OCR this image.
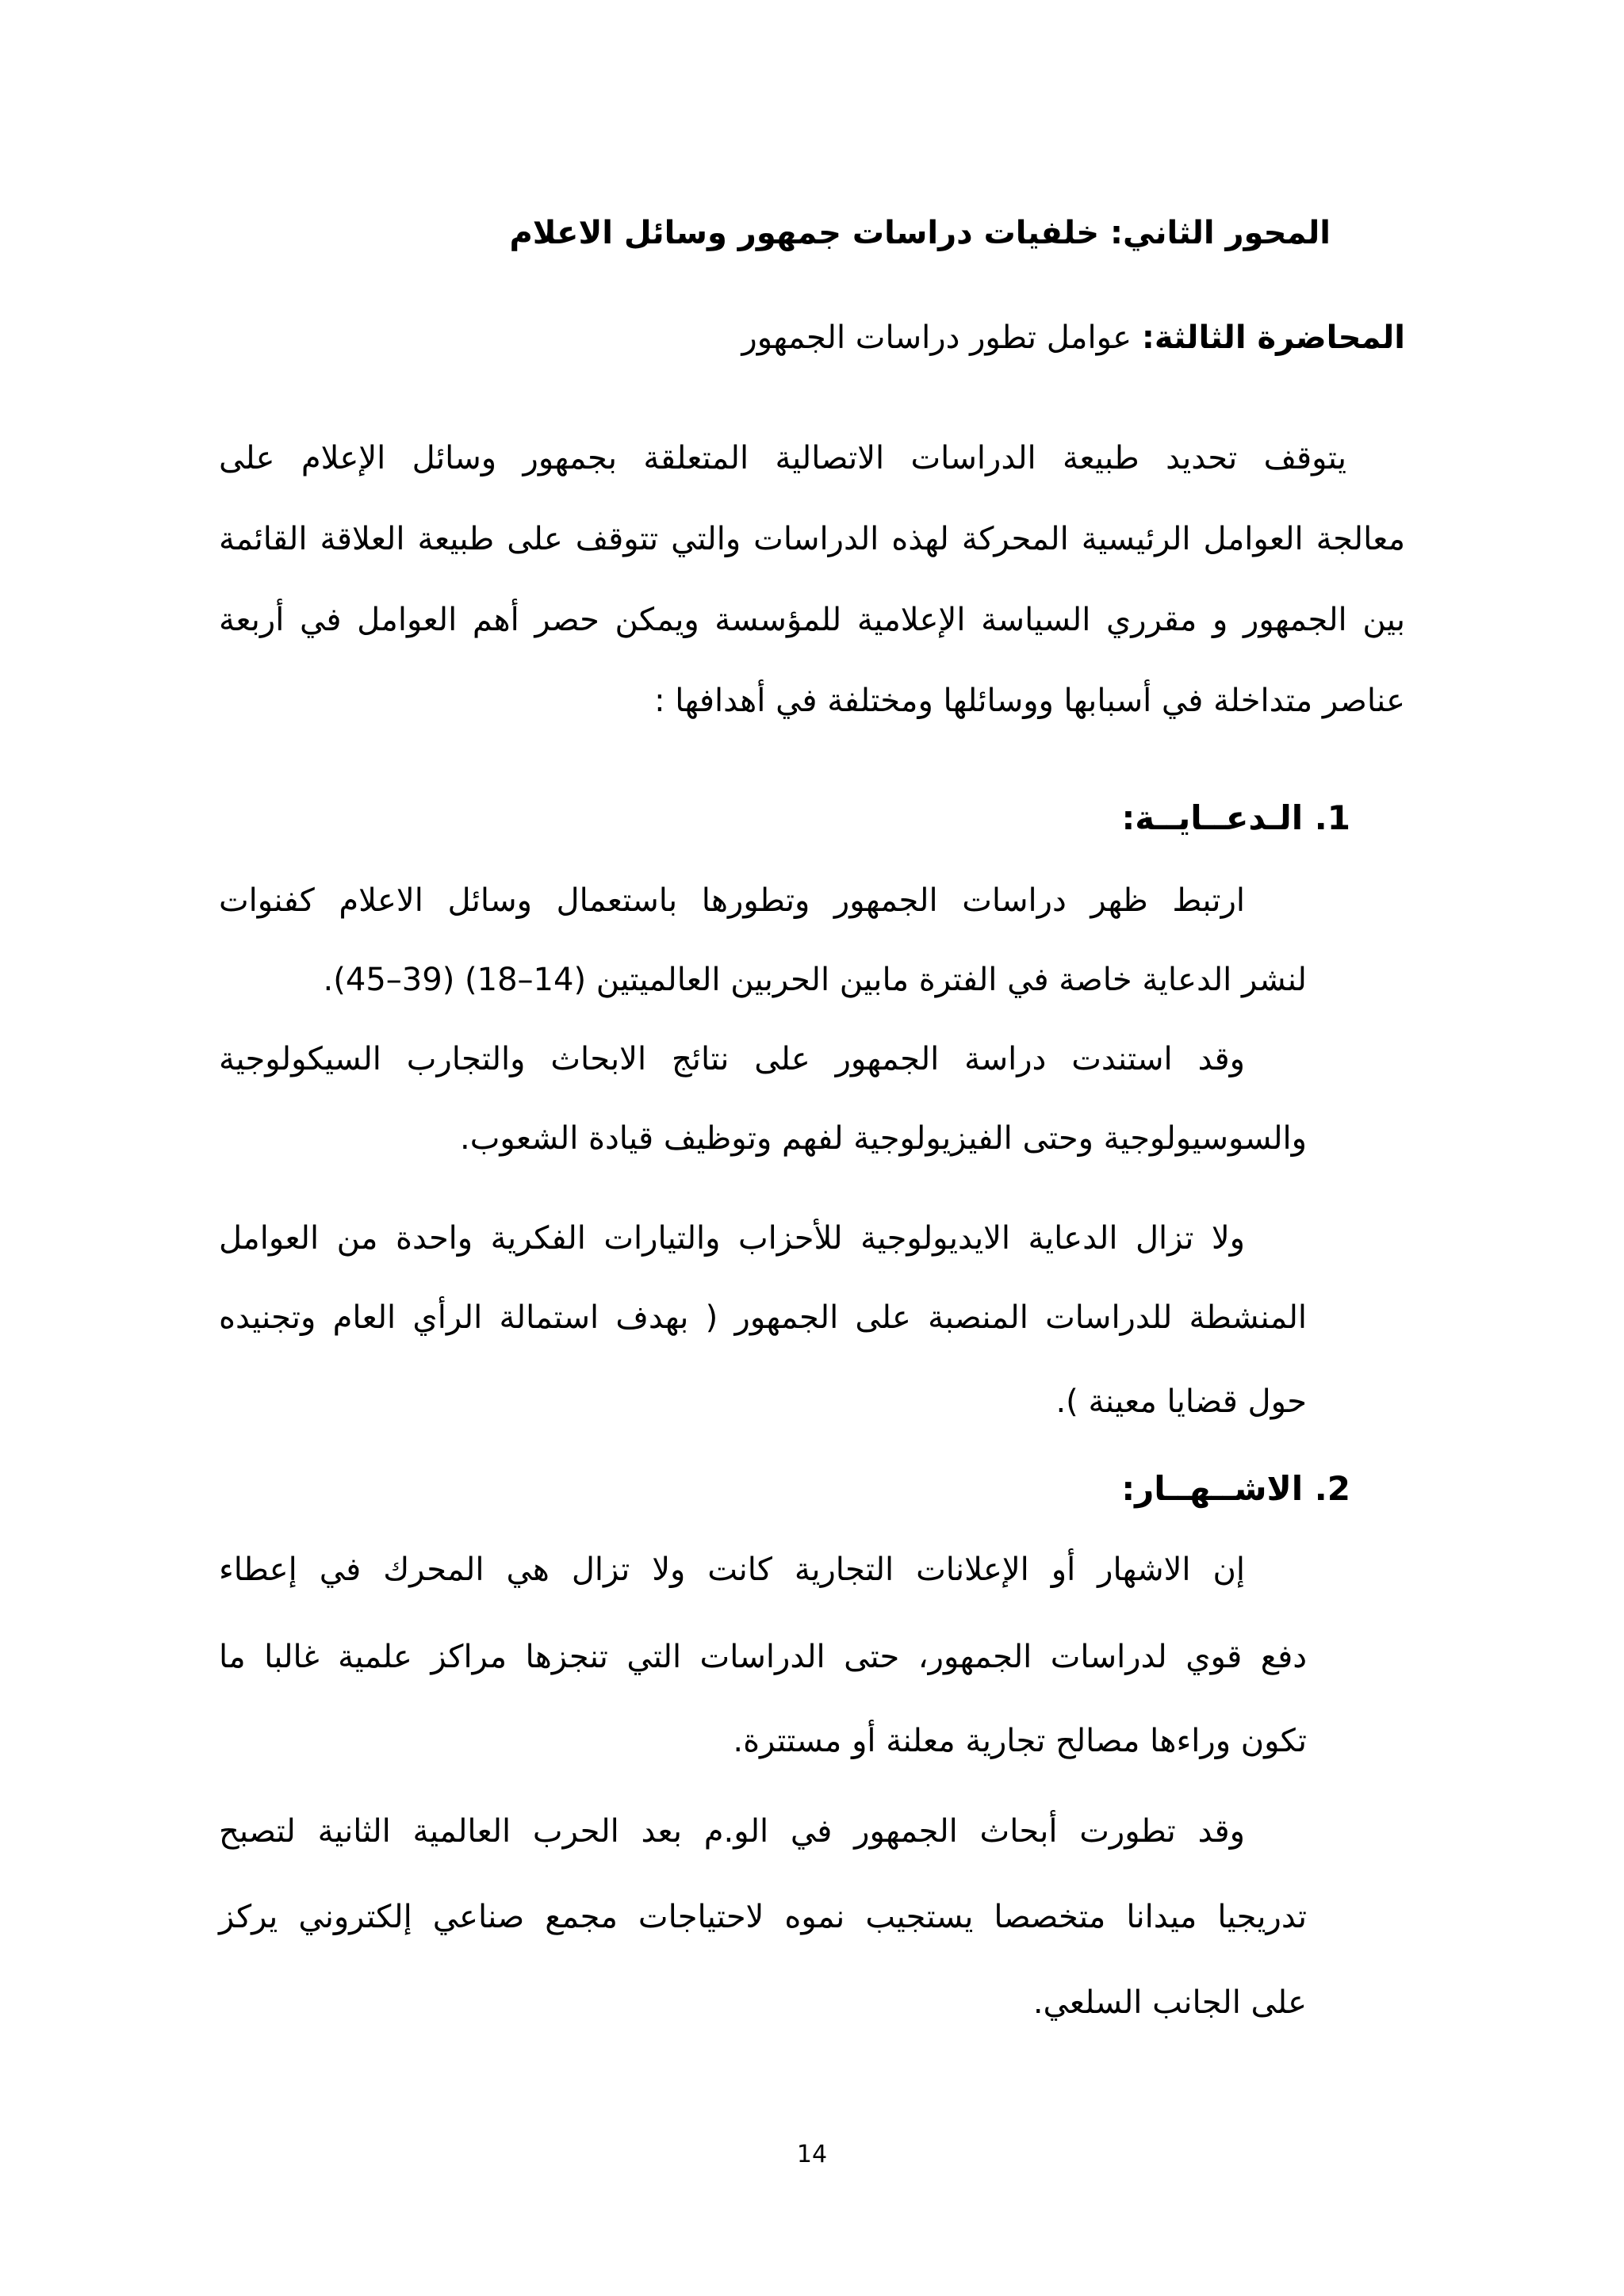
المحور الثاني: خلفيات دراسات جمهور وسائل الاعلام
المحاضرة الثالثة: عوامل تطور دراسات الجمهور
يتوقف تحديد طبيعة الدراسات الاتصالية المتعلقة بجمهور وسائل الإعلام على
معالجة العوامل الرئيسية المحركة لهذه الدراسات والتي تتوقف على طبيعة العلاقة القائمة
بين الجمهور و مقرري السياسة الإعلامية للمؤسسة ويمكن حصر أهم العوامل في أربعة
عناصر متداخلة في أسبابها ووسائلها ومختلفة في أهدافها :
1. الـدعــايــة:
ارتبط ظهر دراسات الجمهور وتطورها باستعمال وسائل الاعلام كفنوات
لنشر الدعاية خاصة في الفترة مابين الحربين العالميتين (14–18) (39–45).
وقد استندت دراسة الجمهور على نتائج الابحاث والتجارب السيكولوجية
والسوسيولوجية وحتى الفيزيولوجية لفهم وتوظيف قيادة الشعوب.
ولا تزال الدعاية الايديولوجية للأحزاب والتيارات الفكرية واحدة من العوامل
المنشطة للدراسات المنصبة على الجمهور ( بهدف استمالة الرأي العام وتجنيده
حول قضايا معينة ).
2. الاشــهــار:
إن الاشهار أو الإعلانات التجارية كانت ولا تزال هي المحرك في إعطاء
دفع قوي لدراسات الجمهور، حتى الدراسات التي تنجزها مراكز علمية غالبا ما
تكون وراءها مصالح تجارية معلنة أو مستترة.
وقد تطورت أبحاث الجمهور في الو.م بعد الحرب العالمية الثانية لتصبح
تدريجيا ميدانا متخصصا يستجيب نموه لاحتياجات مجمع صناعي إلكتروني يركز
على الجانب السلعي.
14
